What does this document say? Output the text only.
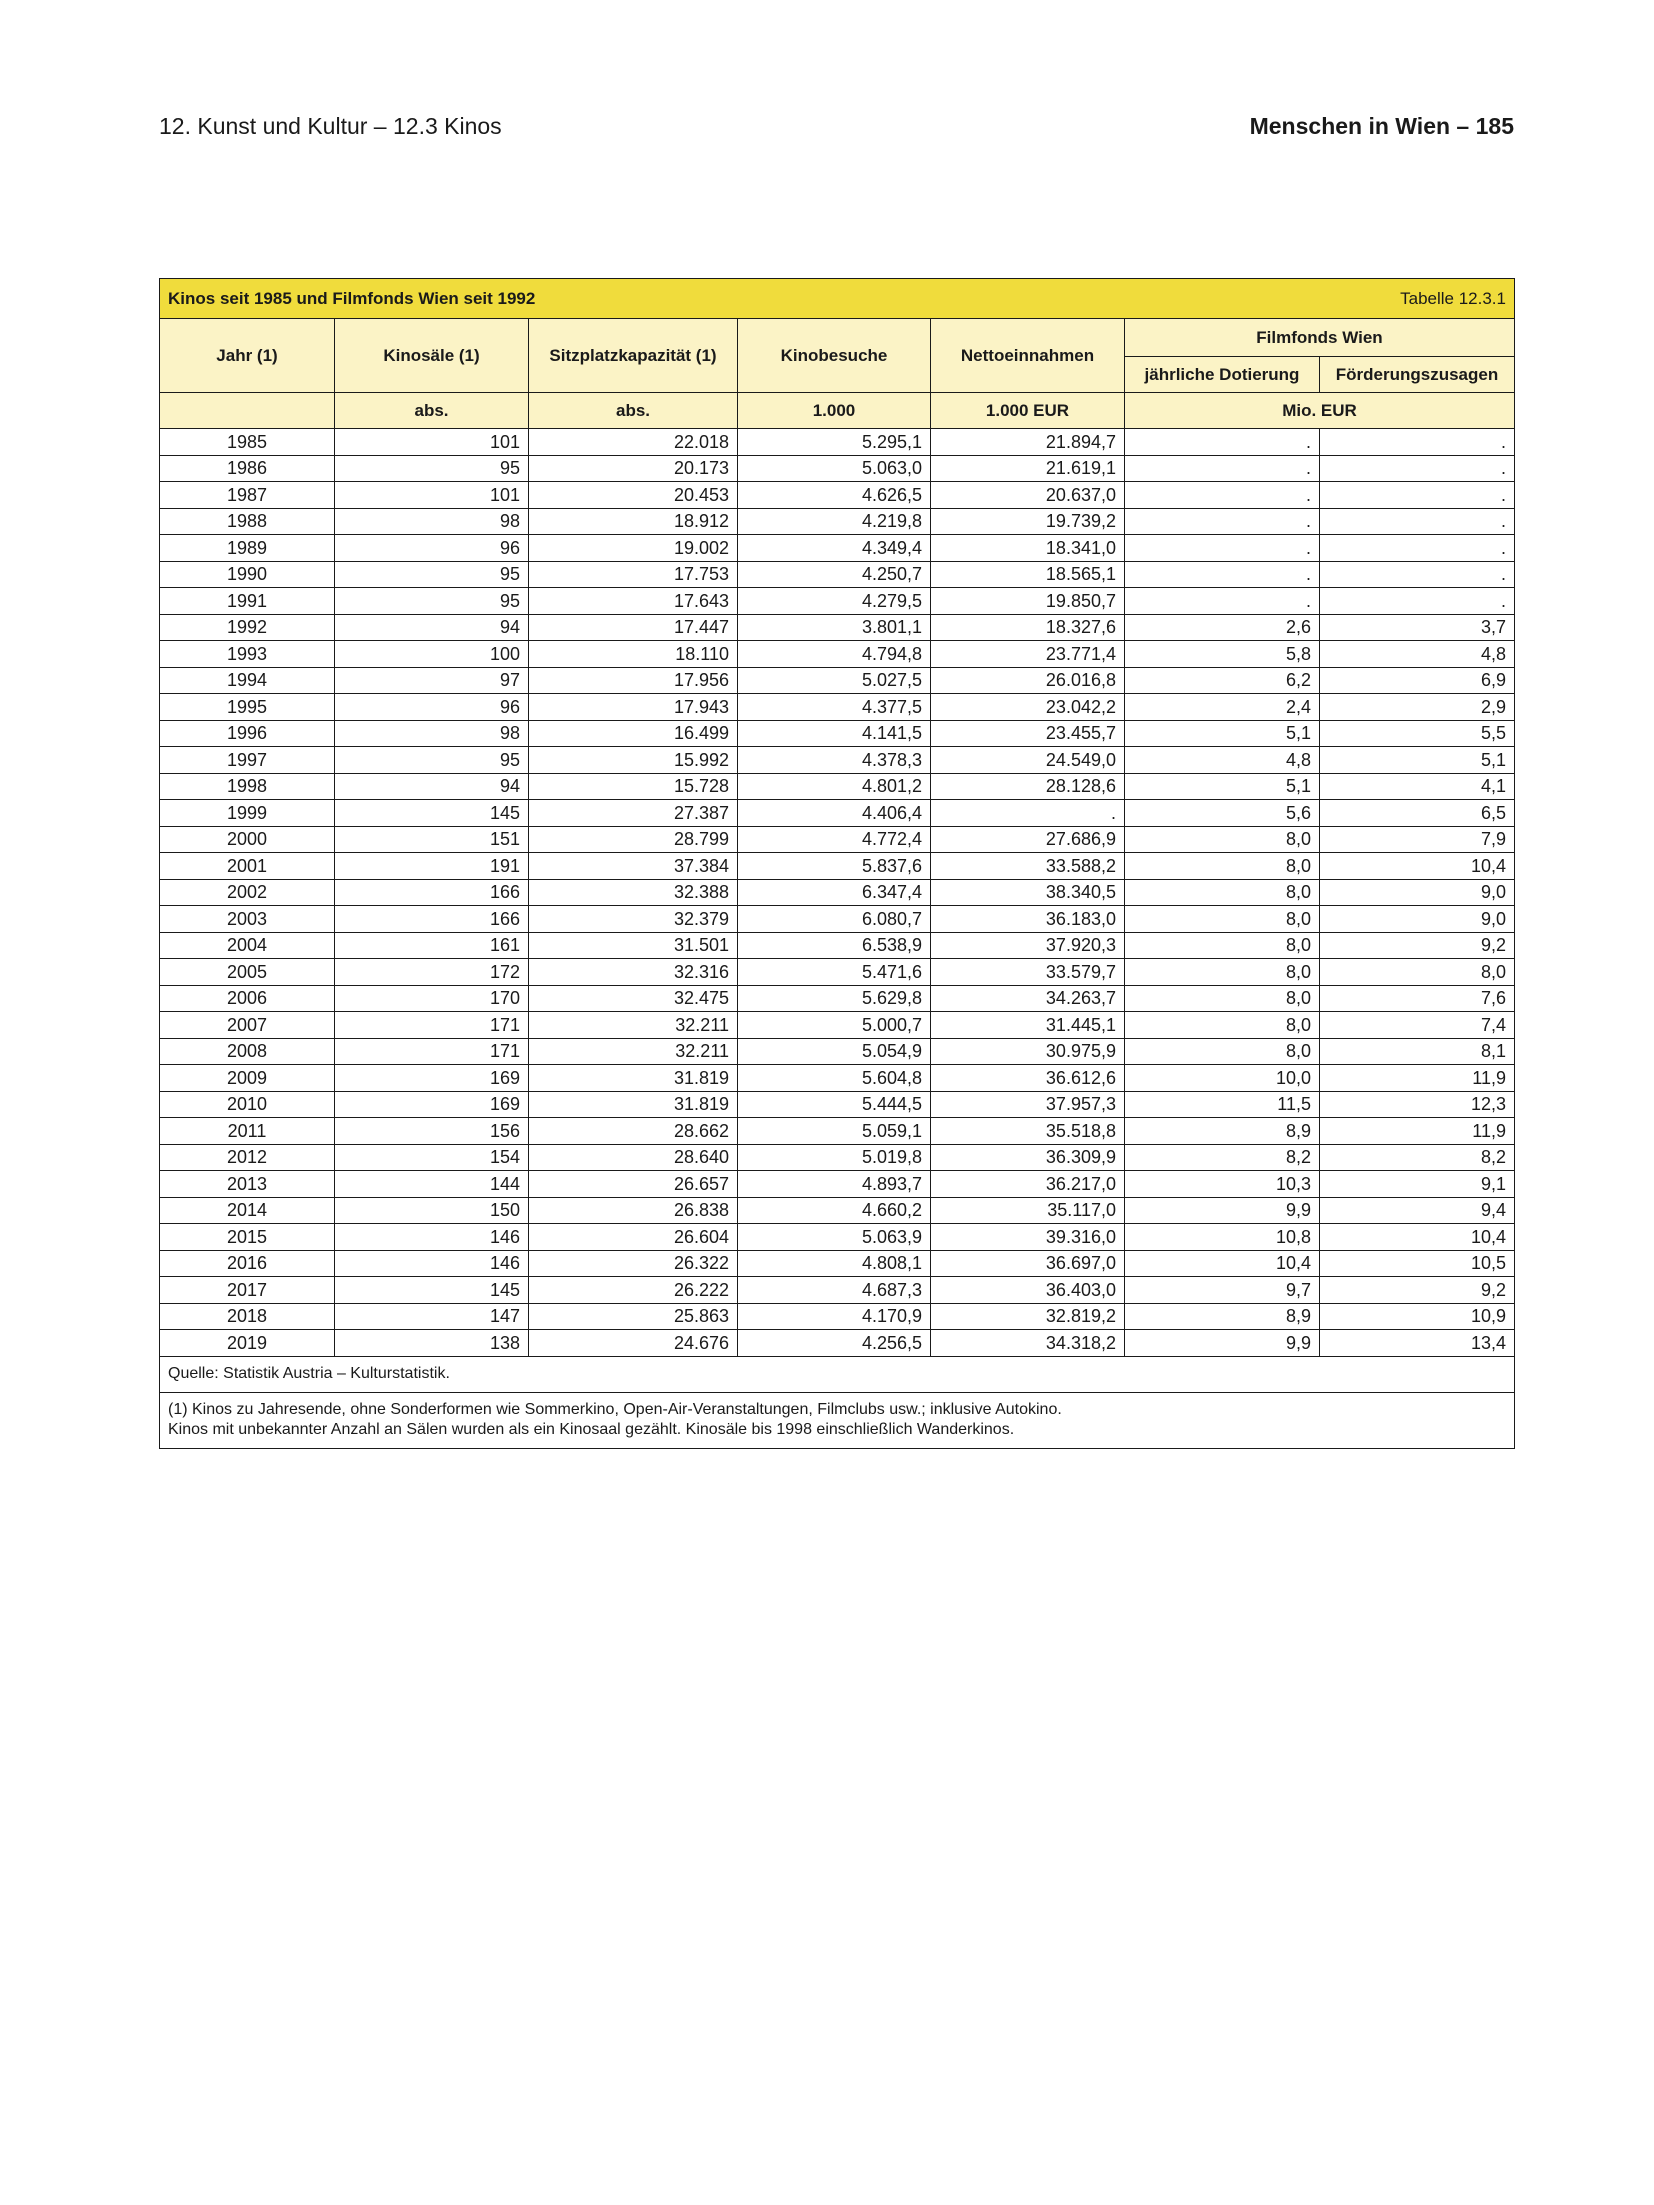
12. Kunst und Kultur – 12.3 Kinos	Menschen in Wien – 185
Kinos seit 1985 und Filmfonds Wien seit 1992 Tabelle 12.3.1						

Jahr (1)	Kinosäle (1)	Sitzplatzkapazität (1)	Kinobesuche	Nettoeinnahmen	Filmfonds Wien	
					jährliche Dotierung	Förderungszusagen
	abs.	abs.	1.000	1.000 EUR	Mio. EUR	
1985	101	22.018	5.295,1	21.894,7	.	.
1986	95	20.173	5.063,0	21.619,1	.	.
1987	101	20.453	4.626,5	20.637,0	.	.
1988	98	18.912	4.219,8	19.739,2	.	.
1989	96	19.002	4.349,4	18.341,0	.	.
1990	95	17.753	4.250,7	18.565,1	.	.
1991	95	17.643	4.279,5	19.850,7	.	.
1992	94	17.447	3.801,1	18.327,6	2,6	3,7
1993	100	18.110	4.794,8	23.771,4	5,8	4,8
1994	97	17.956	5.027,5	26.016,8	6,2	6,9
1995	96	17.943	4.377,5	23.042,2	2,4	2,9
1996	98	16.499	4.141,5	23.455,7	5,1	5,5
1997	95	15.992	4.378,3	24.549,0	4,8	5,1
1998	94	15.728	4.801,2	28.128,6	5,1	4,1
1999	145	27.387	4.406,4	.	5,6	6,5
2000	151	28.799	4.772,4	27.686,9	8,0	7,9
2001	191	37.384	5.837,6	33.588,2	8,0	10,4
2002	166	32.388	6.347,4	38.340,5	8,0	9,0
2003	166	32.379	6.080,7	36.183,0	8,0	9,0
2004	161	31.501	6.538,9	37.920,3	8,0	9,2
2005	172	32.316	5.471,6	33.579,7	8,0	8,0
2006	170	32.475	5.629,8	34.263,7	8,0	7,6
2007	171	32.211	5.000,7	31.445,1	8,0	7,4
2008	171	32.211	5.054,9	30.975,9	8,0	8,1
2009	169	31.819	5.604,8	36.612,6	10,0	11,9
2010	169	31.819	5.444,5	37.957,3	11,5	12,3
2011	156	28.662	5.059,1	35.518,8	8,9	11,9
2012	154	28.640	5.019,8	36.309,9	8,2	8,2
2013	144	26.657	4.893,7	36.217,0	10,3	9,1
2014	150	26.838	4.660,2	35.117,0	9,9	9,4
2015	146	26.604	5.063,9	39.316,0	10,8	10,4
2016	146	26.322	4.808,1	36.697,0	10,4	10,5
2017	145	26.222	4.687,3	36.403,0	9,7	9,2
2018	147	25.863	4.170,9	32.819,2	8,9	10,9
2019	138	24.676	4.256,5	34.318,2	9,9	13,4
Quelle: Statistik Austria – Kulturstatistik.						

(1) Kinos zu Jahresende, ohne Sonderformen wie Sommerkino, Open-Air-Veranstaltungen, Filmclubs usw.; inklusive Autokino.
Kinos mit unbekannter Anzahl an Sälen wurden als ein Kinosaal gezählt. Kinosäle bis 1998 einschließlich Wanderkinos.						
